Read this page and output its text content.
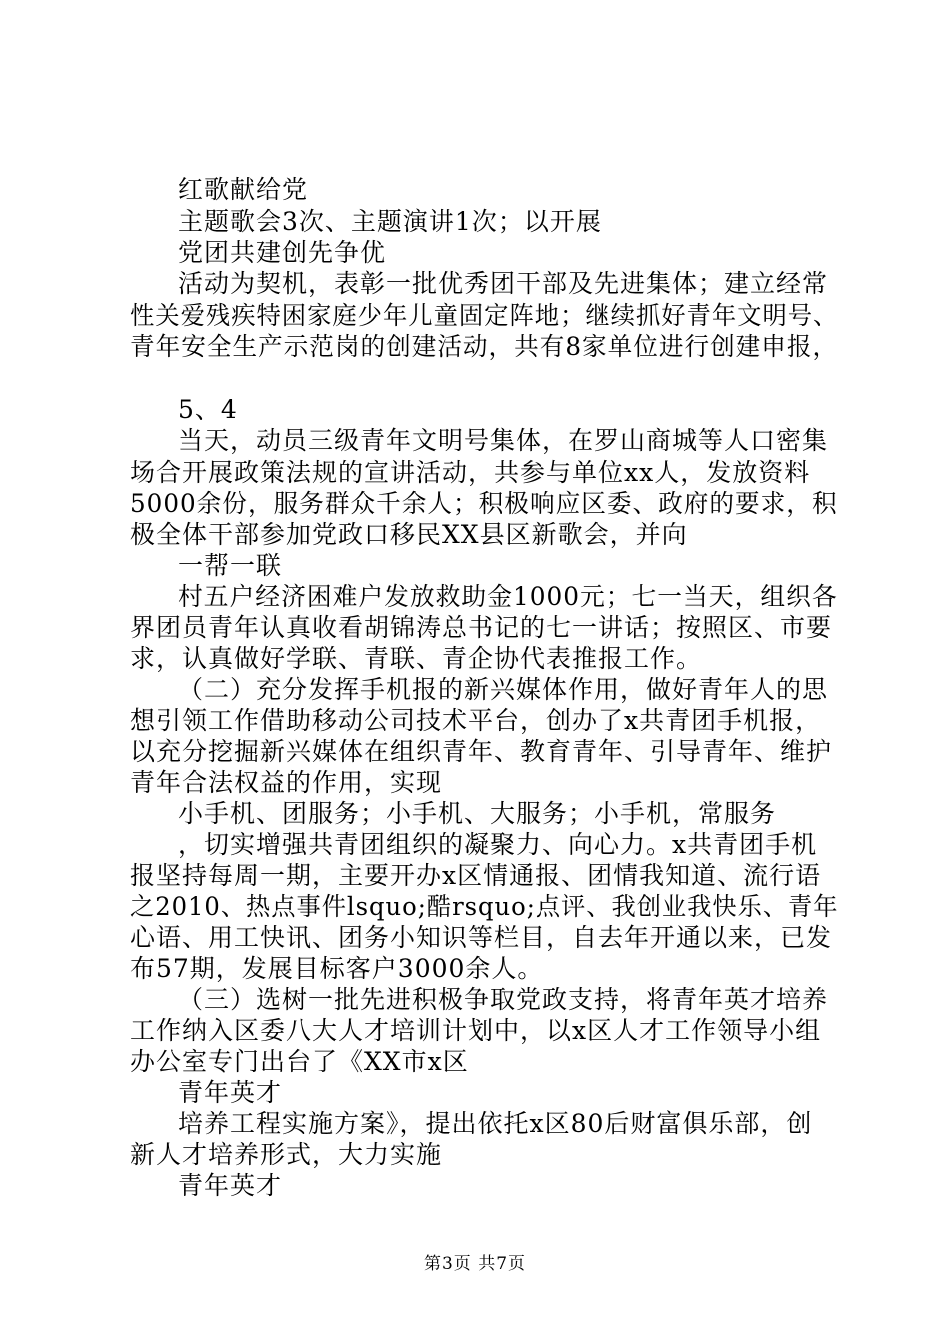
红歌献给党
主题歌会3次、主题演讲1次；以开展
党团共建创先争优
活动为契机，表彰一批优秀团干部及先进集体；建立经常
性关爱残疾特困家庭少年儿童固定阵地；继续抓好青年文明号、
青年安全生产示范岗的创建活动，共有8家单位进行创建申报，
5、4
当天，动员三级青年文明号集体，在罗山商城等人口密集
场合开展政策法规的宣讲活动，共参与单位xx人，发放资料
5000余份，服务群众千余人；积极响应区委、政府的要求，积
极全体干部参加党政口移民XX县区新歌会，并向
一帮一联
村五户经济困难户发放救助金1000元；七一当天，组织各
界团员青年认真收看胡锦涛总书记的七一讲话；按照区、市要
求，认真做好学联、青联、青企协代表推报工作。
（二）充分发挥手机报的新兴媒体作用，做好青年人的思
想引领工作借助移动公司技术平台，创办了x共青团手机报，
以充分挖掘新兴媒体在组织青年、教育青年、引导青年、维护
青年合法权益的作用，实现
小手机、团服务；小手机、大服务；小手机，常服务
，切实增强共青团组织的凝聚力、向心力。x共青团手机
报坚持每周一期，主要开办x区情通报、团情我知道、流行语
之2010、热点事件lsquo;酷rsquo;点评、我创业我快乐、青年
心语、用工快讯、团务小知识等栏目，自去年开通以来，已发
布57期，发展目标客户3000余人。
（三）选树一批先进积极争取党政支持，将青年英才培养
工作纳入区委八大人才培训计划中，以x区人才工作领导小组
办公室专门出台了《XX市x区
青年英才
培养工程实施方案》，提出依托x区80后财富俱乐部，创
新人才培养形式，大力实施
青年英才
第3页 共7页
